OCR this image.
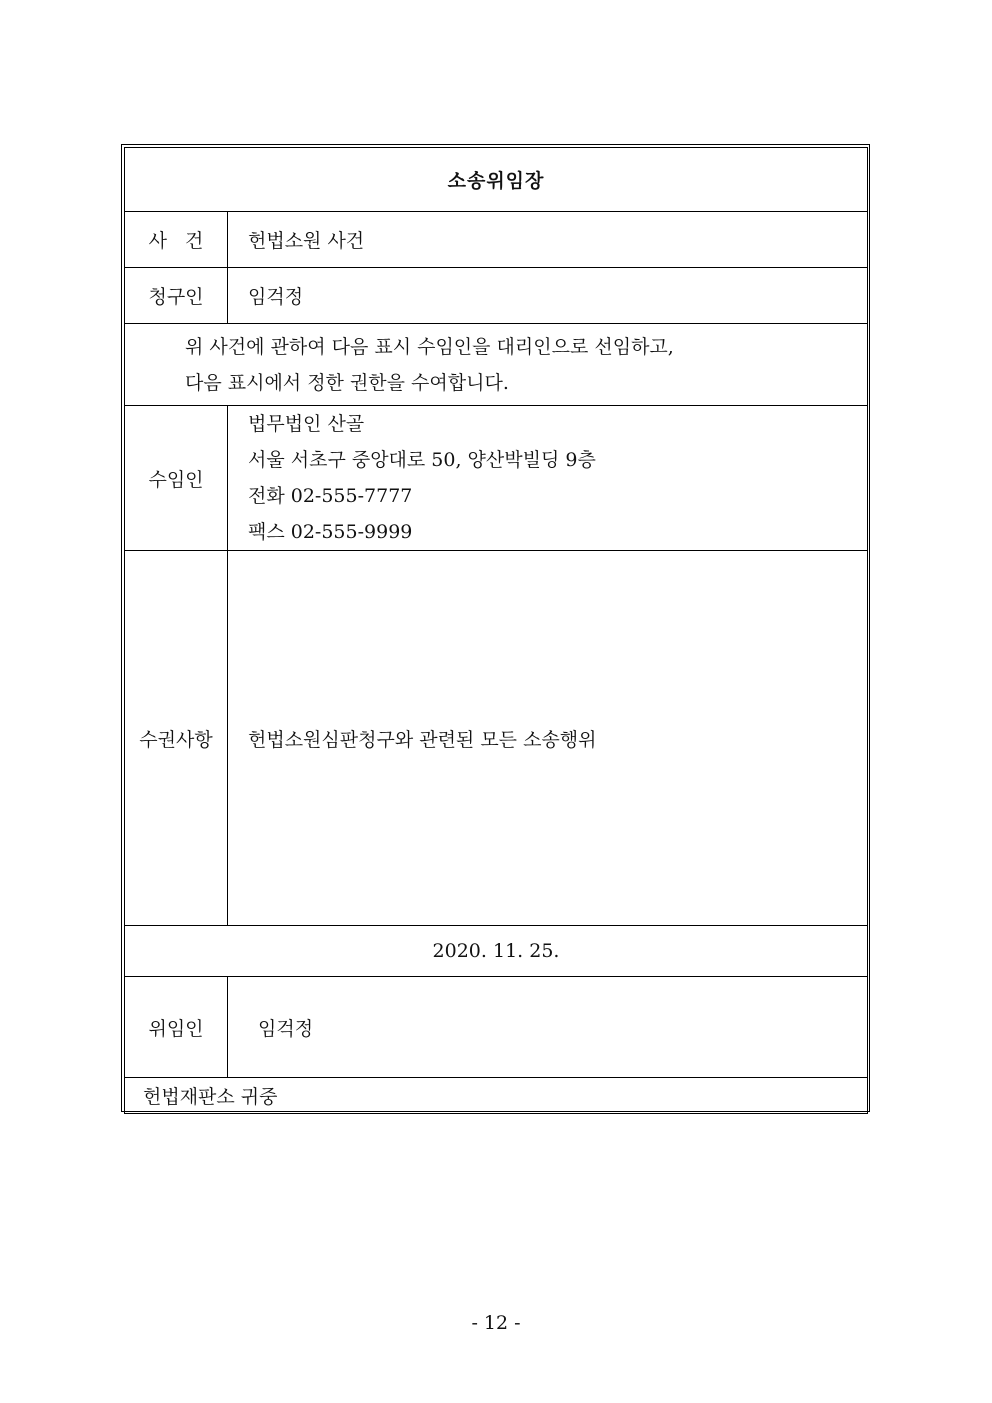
소송위임장	
사건	헌법소원 사건
청구인	임걱정

위 사건에 관하여 다음 표시 수임인을 대리인으로 선임하고,
다음 표시에서 정한 권한을 수여합니다.	

수임인	법무법인 산골
서울 서초구 중앙대로 50, 양산박빌딩 9층
전화 02-555-7777
팩스 02-555-9999

수권사항	헌법소원심판청구와 관련된 모든 소송행위
2020. 11. 25.	
위임인	임걱정
헌법재판소 귀중	
- 12 -
